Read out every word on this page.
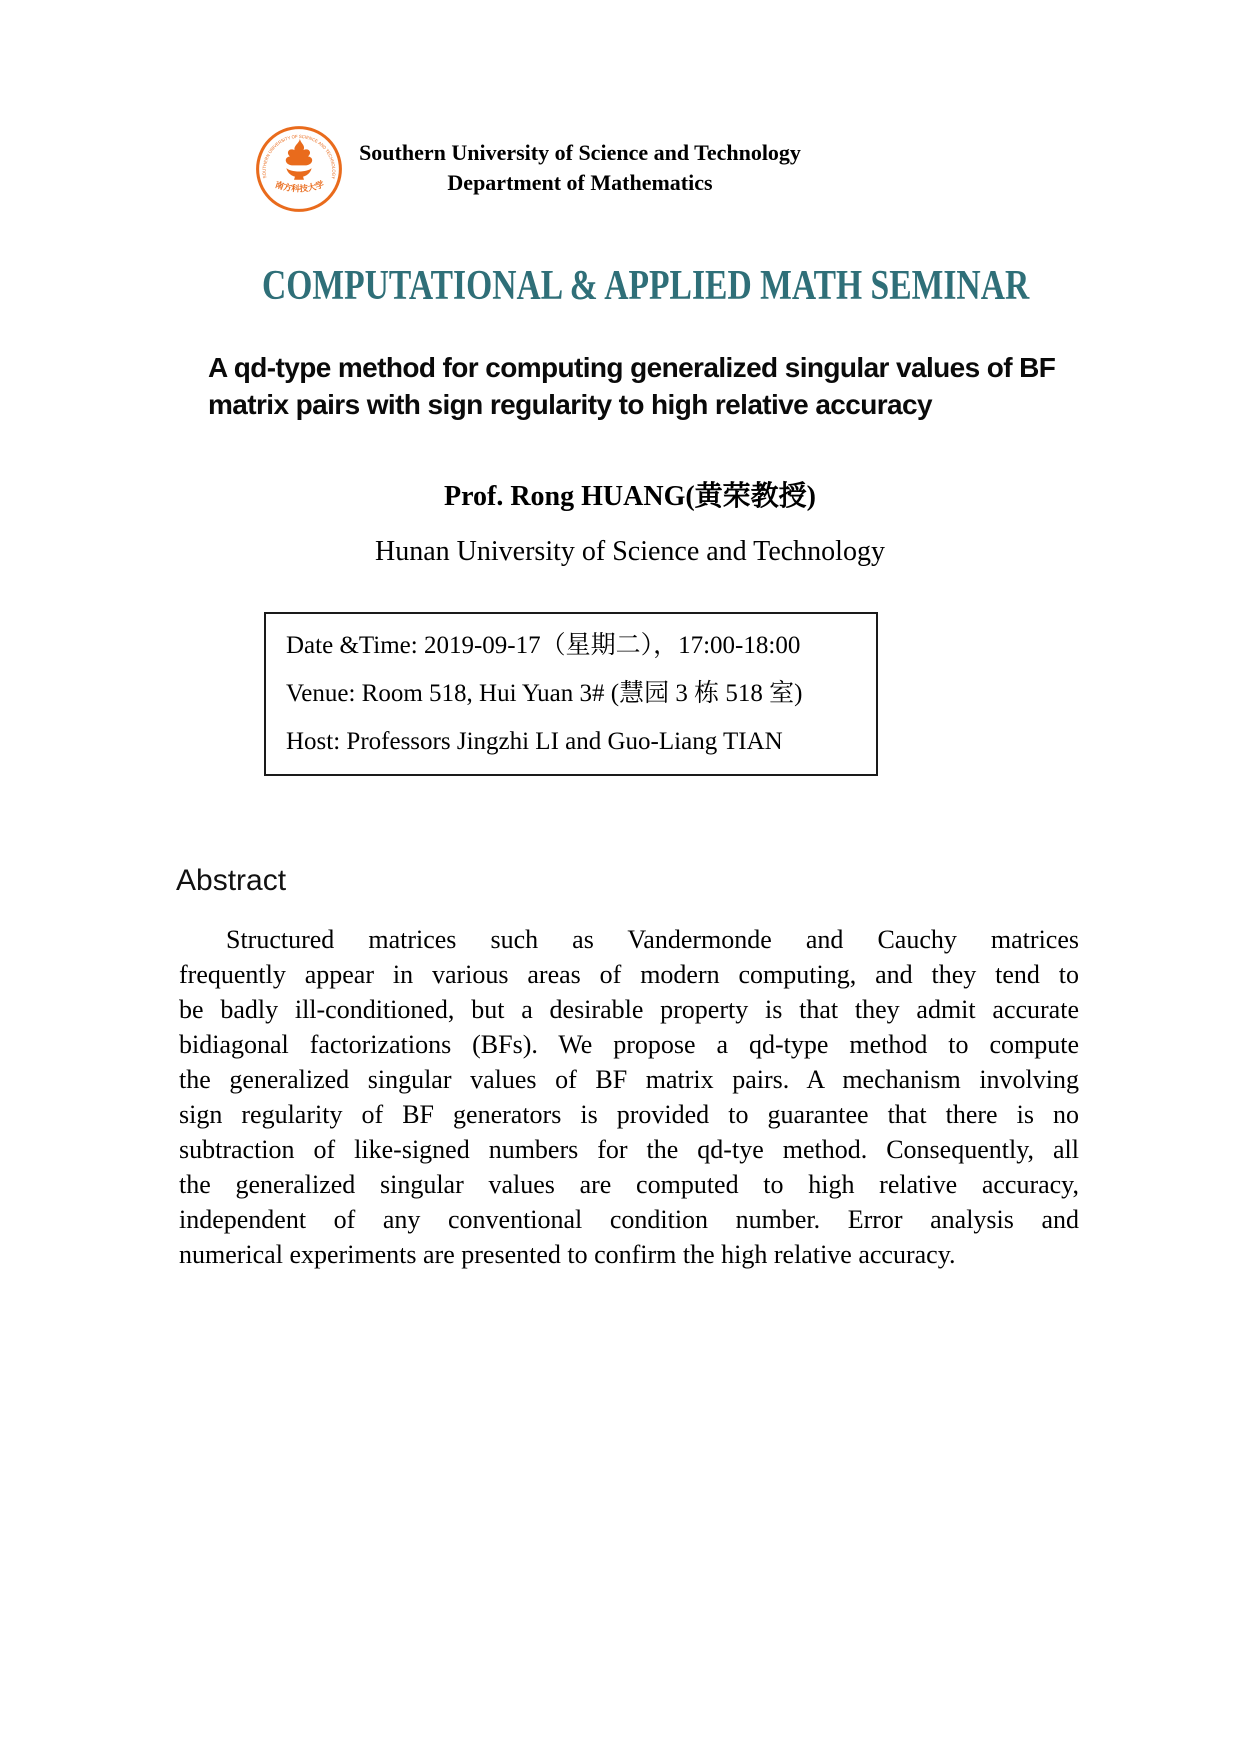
SOUTHERN UNIVERSITY OF SCIENCE AND TECHNOLOGY
南方科技大学
Southern University of Science and Technology
Department of Mathematics
COMPUTATIONAL & APPLIED MATH SEMINAR
A qd-type method for computing generalized singular values of BF
matrix pairs with sign regularity to high relative accuracy
Prof. Rong HUANG(黄荣教授)
Hunan University of Science and Technology

Date &Time: 2019-09-17（星期二），17:00-18:00

Venue: Room 518, Hui Yuan 3# (慧园 3 栋 518 室)

Host: Professors Jingzhi LI and Guo-Liang TIAN

Abstract
Structured matrices such as Vandermonde and Cauchy matrices
frequently appear in various areas of modern computing, and they tend to
be badly ill-conditioned, but a desirable property is that they admit accurate
bidiagonal factorizations (BFs). We propose a qd-type method to compute
the generalized singular values of BF matrix pairs. A mechanism involving
sign regularity of BF generators is provided to guarantee that there is no
subtraction of like-signed numbers for the qd-tye method. Consequently, all
the generalized singular values are computed to high relative accuracy,
independent of any conventional condition number. Error analysis and
numerical experiments are presented to confirm the high relative accuracy.
